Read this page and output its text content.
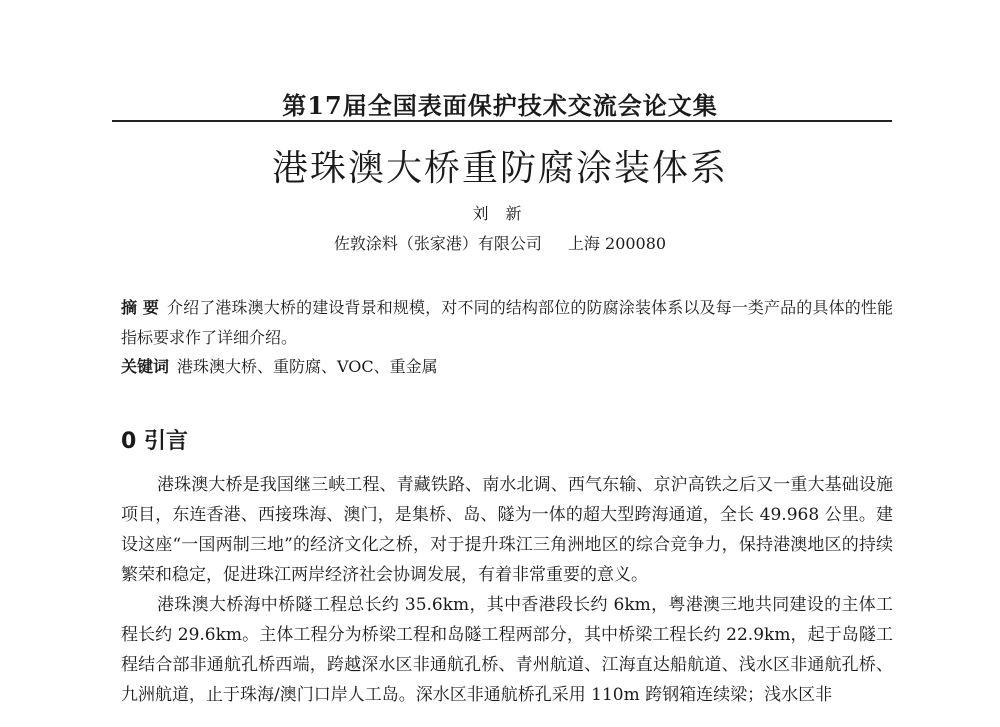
第17届全国表面保护技术交流会论文集
港珠澳大桥重防腐涂装体系
刘 新
佐敦涂料（张家港）有限公司 上海 200080
摘 要 介绍了港珠澳大桥的建设背景和规模，对不同的结构部位的防腐涂装体系以及每一类产品的具体的性能指标要求作了详细介绍。
关键词 港珠澳大桥、重防腐、VOC、重金属
0 引言

港珠澳大桥是我国继三峡工程、青藏铁路、南水北调、西气东输、京沪高铁之后又一重大基础设施项目，东连香港、西接珠海、澳门，是集桥、岛、隧为一体的超大型跨海通道，全长 49.968 公里。建设这座“一国两制三地”的经济文化之桥，对于提升珠江三角洲地区的综合竞争力，保持港澳地区的持续繁荣和稳定，促进珠江两岸经济社会协调发展，有着非常重要的意义。

港珠澳大桥海中桥隧工程总长约 35.6km，其中香港段长约 6km，粤港澳三地共同建设的主体工程长约 29.6km。主体工程分为桥梁工程和岛隧工程两部分，其中桥梁工程长约 22.9km，起于岛隧工程结合部非通航孔桥西端，跨越深水区非通航孔桥、青州航道、江海直达船航道、浅水区非通航孔桥、九洲航道，止于珠海/澳门口岸人工岛。深水区非通航桥孔采用 110m 跨钢箱连续梁；浅水区非
